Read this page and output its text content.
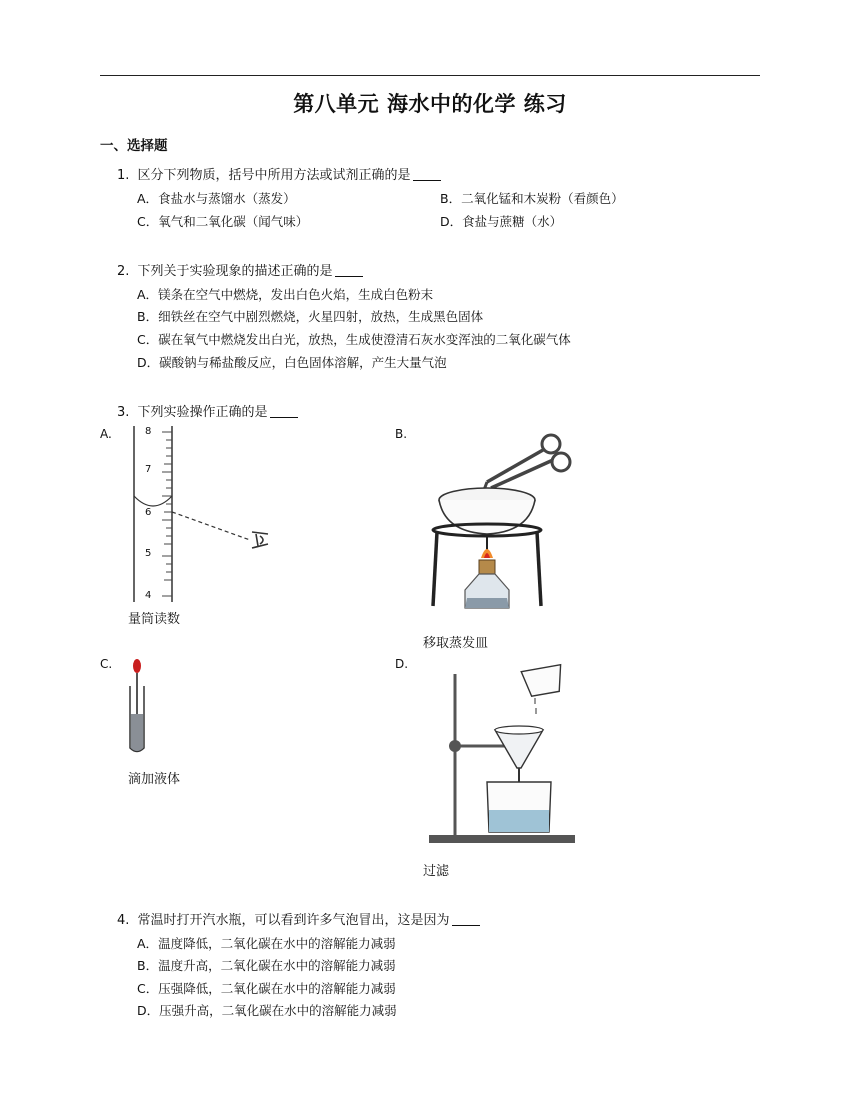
第八单元 海水中的化学 练习
一、选择题
1. 区分下列物质，括号中所用方法或试剂正确的是
A．食盐水与蒸馏水（蒸发）	B．二氧化锰和木炭粉（看颜色）
C．氧气和二氧化碳（闻气味）	D．食盐与蔗糖（水）
2. 下列关于实验现象的描述正确的是
A．镁条在空气中燃烧，发出白色火焰，生成白色粉末
B．细铁丝在空气中剧烈燃烧，火星四射，放热，生成黑色固体
C．碳在氧气中燃烧发出白光，放热，生成使澄清石灰水变浑浊的二氧化碳气体
D．碳酸钠与稀盐酸反应，白色固体溶解，产生大量气泡
3. 下列实验操作正确的是
A.	B.
C.	D.
8
7
6
5
4
量筒读数
移取蒸发皿
滴加液体
过滤
4. 常温时打开汽水瓶，可以看到许多气泡冒出，这是因为
A．温度降低，二氧化碳在水中的溶解能力减弱
B．温度升高，二氧化碳在水中的溶解能力减弱
C．压强降低，二氧化碳在水中的溶解能力减弱
D．压强升高，二氧化碳在水中的溶解能力减弱
